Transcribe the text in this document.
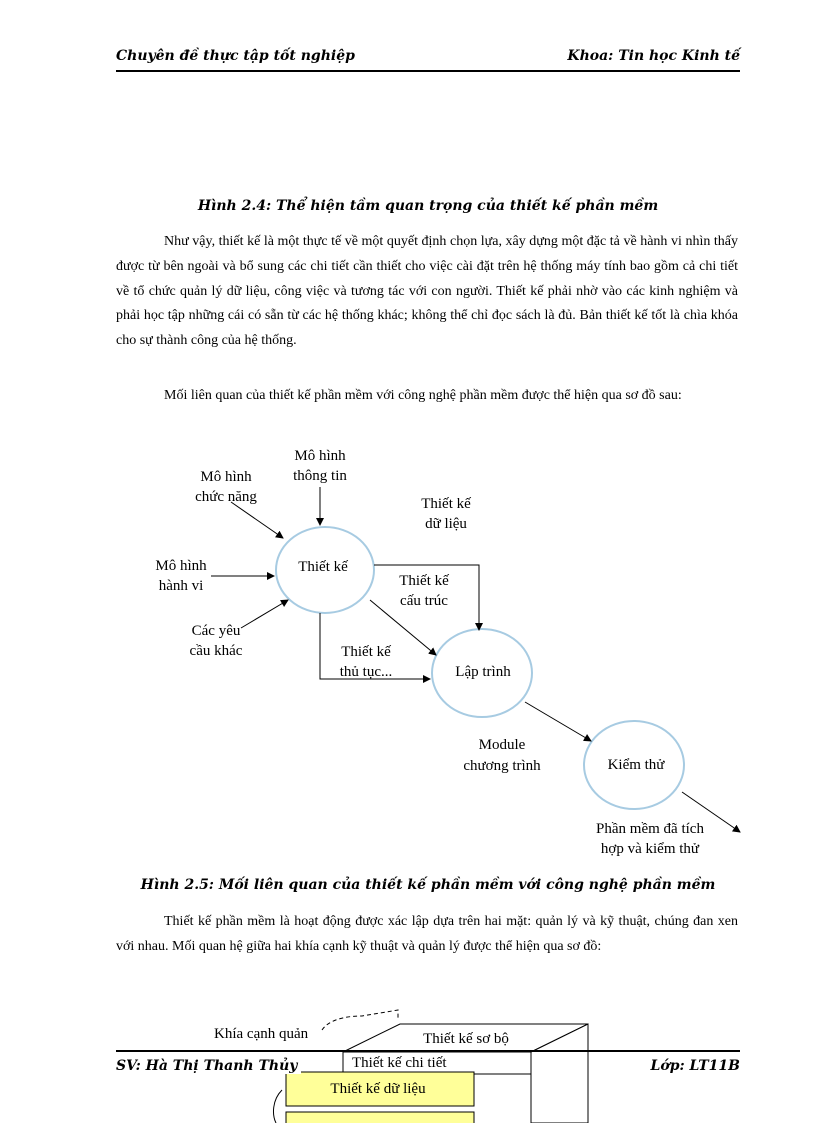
Chuyên đề thực tập tốt nghiệp	Khoa: Tin học Kinh tế
Hình 2.4: Thể hiện tầm quan trọng của thiết kế phần mềm
Như vậy, thiết kế là một thực tế về một quyết định chọn lựa, xây dựng một đặc tả về hành vi nhìn thấy được từ bên ngoài và bổ sung các chi tiết cần thiết cho việc cài đặt trên hệ thống máy tính bao gồm cả chi tiết về tổ chức quản lý dữ liệu, công việc và tương tác với con người. Thiết kế phải nhờ vào các kinh nghiệm và phải học tập những cái có sẵn từ các hệ thống khác; không thể chỉ đọc sách là đủ. Bản thiết kế tốt là chìa khóa cho sự thành công của hệ thống.
Mối liên quan của thiết kế phần mềm với công nghệ phần mềm được thể hiện qua sơ đồ sau:
Thiết kế
Lập trình
Kiểm thử
Mô hình
chức năng
Mô hình
thông tin
Mô hình
hành vi
Các yêu
cầu khác
Thiết kế
dữ liệu
Thiết kế
cấu trúc
Thiết kế
thủ tục...
Module
chương trình
Phần mềm đã tích
hợp và kiểm thử
Hình 2.5: Mối liên quan của thiết kế phần mềm với công nghệ phần mềm
Thiết kế phần mềm là hoạt động được xác lập dựa trên hai mặt: quản lý và kỹ thuật, chúng đan xen với nhau. Mối quan hệ giữa hai khía cạnh kỹ thuật và quản lý được thể hiện qua sơ đồ:
Khía cạnh quản	Thiết kế sơ bộ
Thiết kế dữ liệu
SV: Hà Thị Thanh Thủy	Thiết kế chi tiết	Lớp: LT11B
